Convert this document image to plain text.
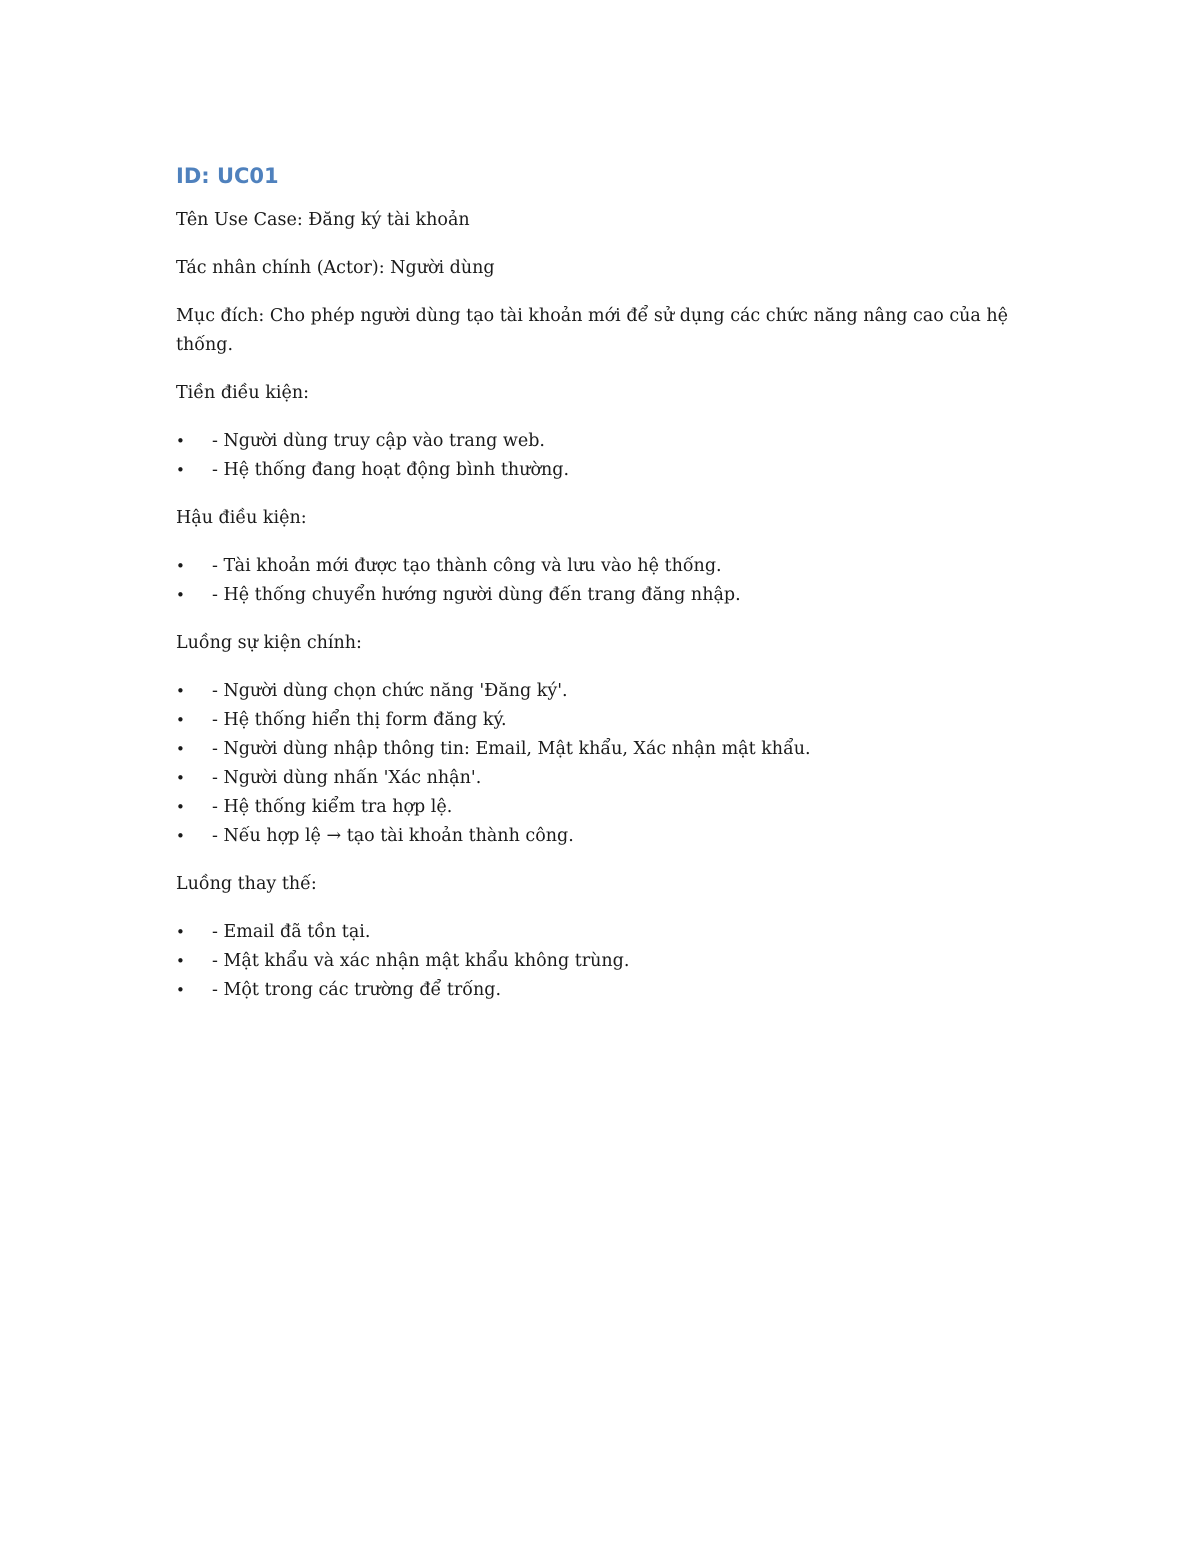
ID: UC01

Tên Use Case: Đăng ký tài khoản

Tác nhân chính (Actor): Người dùng

Mục đích: Cho phép người dùng tạo tài khoản mới để sử dụng các chức năng nâng cao của hệ thống.

Tiền điều kiện:

• - Người dùng truy cập vào trang web.
• - Hệ thống đang hoạt động bình thường.

Hậu điều kiện:

• - Tài khoản mới được tạo thành công và lưu vào hệ thống.
• - Hệ thống chuyển hướng người dùng đến trang đăng nhập.

Luồng sự kiện chính:

• - Người dùng chọn chức năng 'Đăng ký'.
• - Hệ thống hiển thị form đăng ký.
• - Người dùng nhập thông tin: Email, Mật khẩu, Xác nhận mật khẩu.
• - Người dùng nhấn 'Xác nhận'.
• - Hệ thống kiểm tra hợp lệ.
• - Nếu hợp lệ → tạo tài khoản thành công.

Luồng thay thế:

• - Email đã tồn tại.
• - Mật khẩu và xác nhận mật khẩu không trùng.
• - Một trong các trường để trống.
